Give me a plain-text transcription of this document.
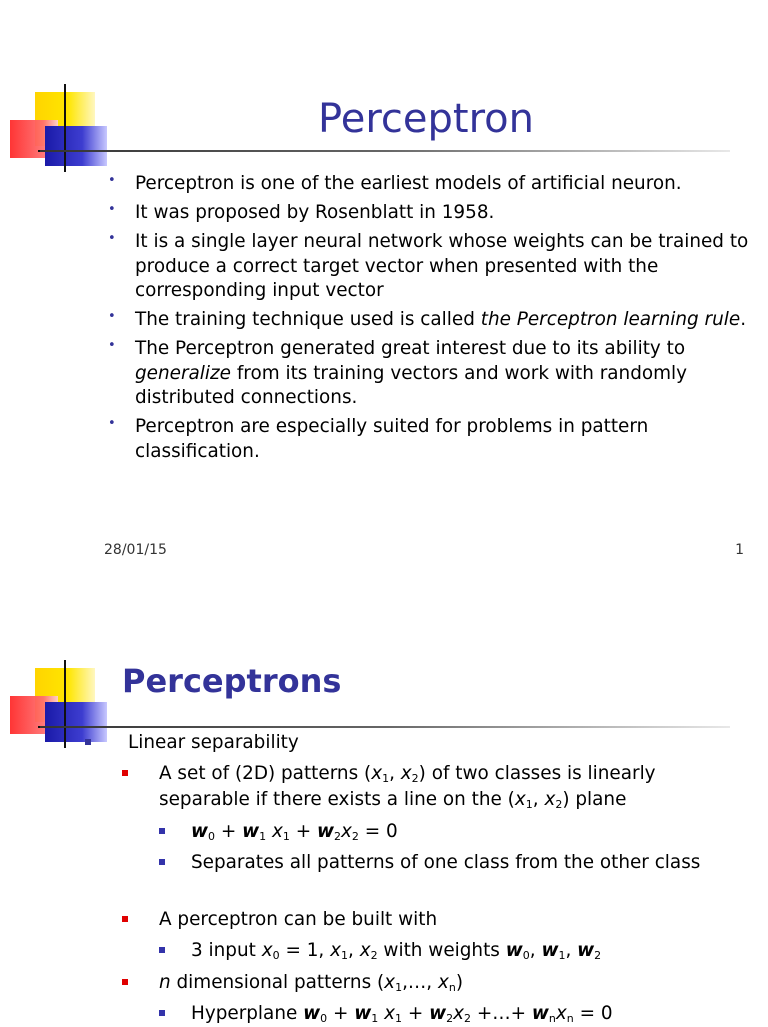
Perceptron
• Perceptron is one of the earliest models of artificial neuron.
• It was proposed by Rosenblatt in 1958.
• It is a single layer neural network whose weights can be trained to produce a correct target vector when presented with the corresponding input vector
• The training technique used is called the Perceptron learning rule.
• The Perceptron generated great interest due to its ability to generalize from its training vectors and work with randomly distributed connections.
• Perceptron are especially suited for problems in pattern classification.
28/01/15	1
Perceptrons
Linear separability
A set of (2D) patterns ($x_1$, $x_2$) of two classes is linearly separable if there exists a line on the ($x_1$, $x_2$) plane
$w_0 + w_1$ $x_1 + w_2x_2 = 0$
Separates all patterns of one class from the other class
A perceptron can be built with
3 input $x_0 = 1$, $x_1$, $x_2$ with weights $w_0$, $w_1$, $w_2$
n dimensional patterns ($x_1,\dots$, $x_n$)
Hyperplane $w_0 + w_1$ $x_1 + w_2x_2$ +…+ $w_nx_n = 0$
